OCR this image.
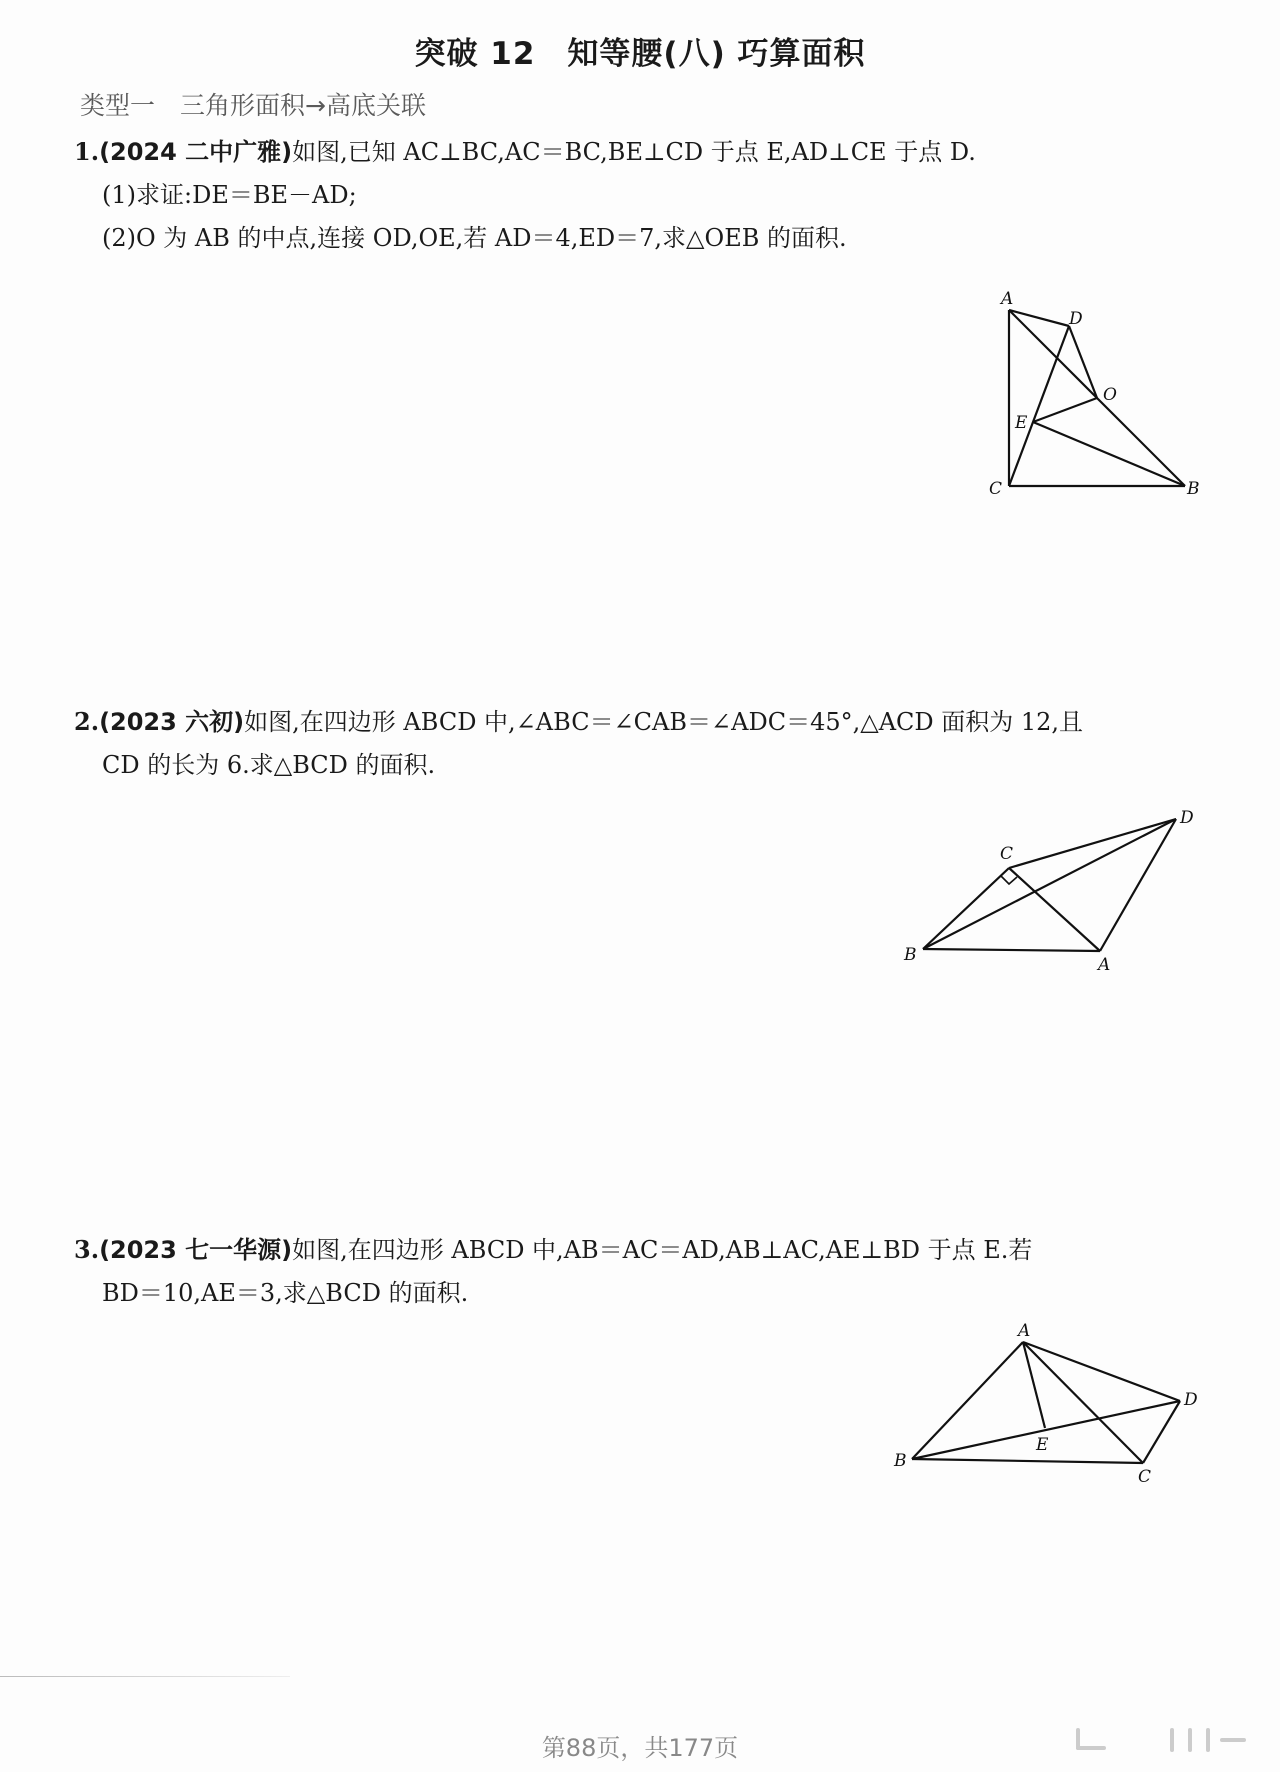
突破 12　知等腰(八) 巧算面积
类型一　三角形面积→高底关联
1.(2024 二中广雅)如图,已知 AC⊥BC,AC＝BC,BE⊥CD 于点 E,AD⊥CE 于点 D.
(1)求证:DE＝BE－AD;
(2)O 为 AB 的中点,连接 OD,OE,若 AD＝4,ED＝7,求△OEB 的面积.
A
D
O
E
C	B
2.(2023 六初)如图,在四边形 ABCD 中,∠ABC＝∠CAB＝∠ADC＝45°,△ACD 面积为 12,且
CD 的长为 6.求△BCD 的面积.
C
D
B	A
3.(2023 七一华源)如图,在四边形 ABCD 中,AB＝AC＝AD,AB⊥AC,AE⊥BD 于点 E.若
BD＝10,AE＝3,求△BCD 的面积.
A
D
E
B
C
第88页，共177页
